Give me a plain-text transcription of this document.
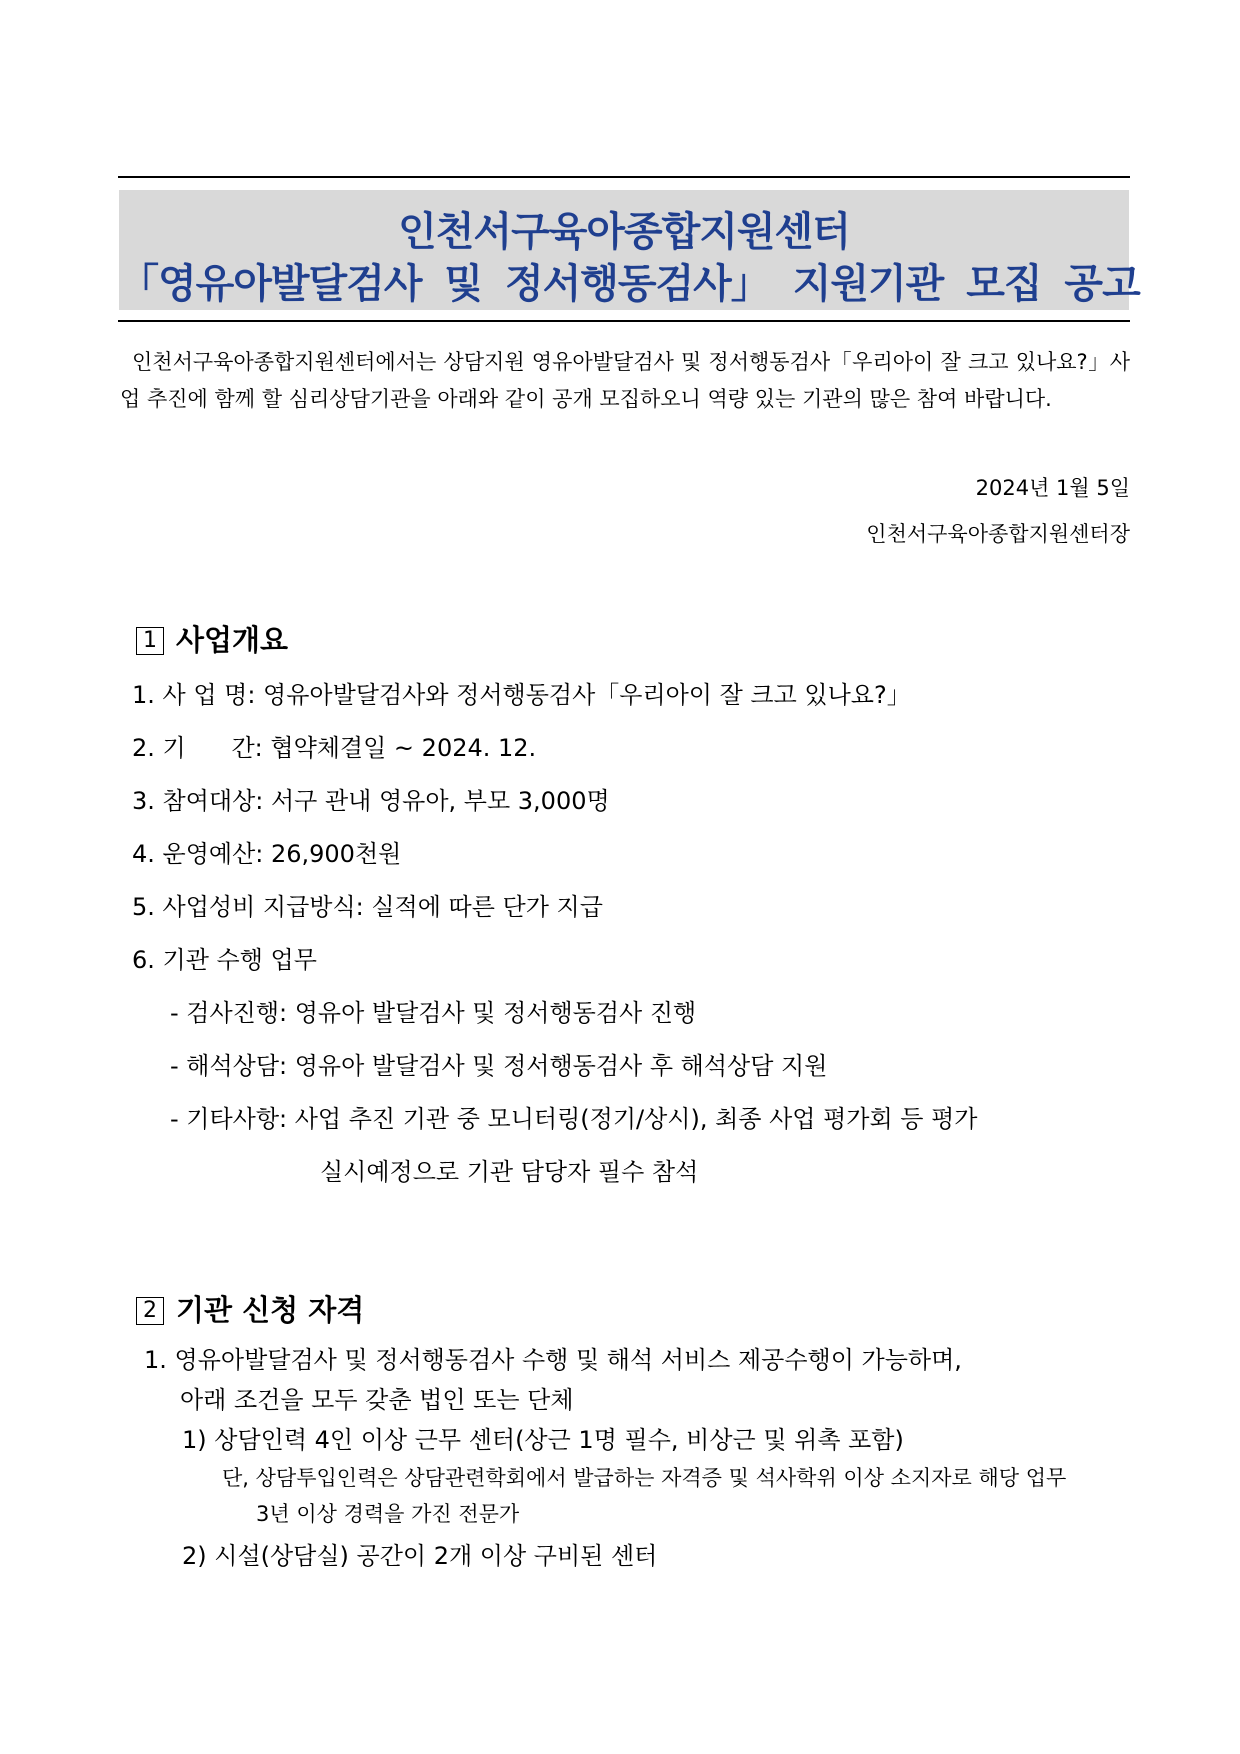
인천서구육아종합지원센터
「영유아발달검사 및 정서행동검사」 지원기관 모집 공고
인천서구육아종합지원센터에서는 상담지원 영유아발달검사 및 정서행동검사「우리아이 잘 크고 있나요?」사업 추진에 함께 할 심리상담기관을 아래와 같이 공개 모집하오니 역량 있는 기관의 많은 참여 바랍니다.
2024년 1월 5일
인천서구육아종합지원센터장
1 사업개요
1. 사 업 명: 영유아발달검사와 정서행동검사「우리아이 잘 크고 있나요?」
2. 기      간: 협약체결일 ~ 2024. 12.
3. 참여대상: 서구 관내 영유아, 부모 3,000명
4. 운영예산: 26,900천원
5. 사업성비 지급방식: 실적에 따른 단가 지급
6. 기관 수행 업무
- 검사진행: 영유아 발달검사 및 정서행동검사 진행
- 해석상담: 영유아 발달검사 및 정서행동검사 후 해석상담 지원
- 기타사항: 사업 추진 기관 중 모니터링(정기/상시), 최종 사업 평가회 등 평가
실시예정으로 기관 담당자 필수 참석
2 기관 신청 자격
1. 영유아발달검사 및 정서행동검사 수행 및 해석 서비스 제공수행이 가능하며,
아래 조건을 모두 갖춘 법인 또는 단체
1) 상담인력 4인 이상 근무 센터(상근 1명 필수, 비상근 및 위촉 포함)
단, 상담투입인력은 상담관련학회에서 발급하는 자격증 및 석사학위 이상 소지자로 해당 업무
3년 이상 경력을 가진 전문가
2) 시설(상담실) 공간이 2개 이상 구비된 센터
